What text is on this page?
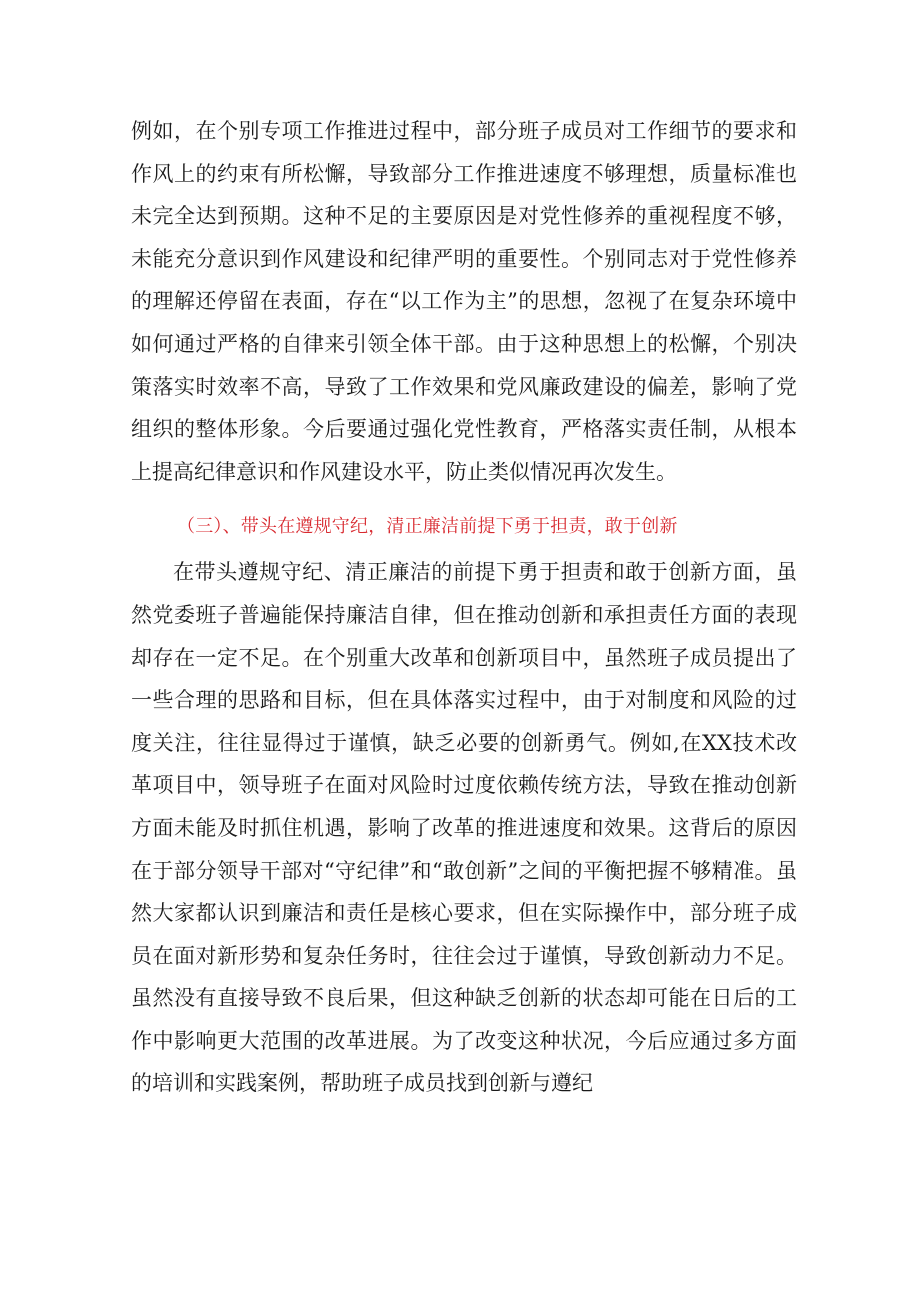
例如，在个别专项工作推进过程中，部分班子成员对工作细节的要求和作风上的约束有所松懈，导致部分工作推进速度不够理想，质量标准也未完全达到预期。这种不足的主要原因是对党性修养的重视程度不够，未能充分意识到作风建设和纪律严明的重要性。个别同志对于党性修养的理解还停留在表面，存在“以工作为主”的思想，忽视了在复杂环境中如何通过严格的自律来引领全体干部。由于这种思想上的松懈，个别决策落实时效率不高，导致了工作效果和党风廉政建设的偏差，影响了党组织的整体形象。今后要通过强化党性教育，严格落实责任制，从根本上提高纪律意识和作风建设水平，防止类似情况再次发生。

（三）、带头在遵规守纪，清正廉洁前提下勇于担责，敢于创新

在带头遵规守纪、清正廉洁的前提下勇于担责和敢于创新方面，虽然党委班子普遍能保持廉洁自律，但在推动创新和承担责任方面的表现却存在一定不足。在个别重大改革和创新项目中，虽然班子成员提出了一些合理的思路和目标，但在具体落实过程中，由于对制度和风险的过度关注，往往显得过于谨慎，缺乏必要的创新勇气。例如,在XX技术改革项目中，领导班子在面对风险时过度依赖传统方法，导致在推动创新方面未能及时抓住机遇，影响了改革的推进速度和效果。这背后的原因在于部分领导干部对“守纪律”和“敢创新”之间的平衡把握不够精准。虽然大家都认识到廉洁和责任是核心要求，但在实际操作中，部分班子成员在面对新形势和复杂任务时，往往会过于谨慎，导致创新动力不足。虽然没有直接导致不良后果，但这种缺乏创新的状态却可能在日后的工作中影响更大范围的改革进展。为了改变这种状况，今后应通过多方面的培训和实践案例，帮助班子成员找到创新与遵纪
